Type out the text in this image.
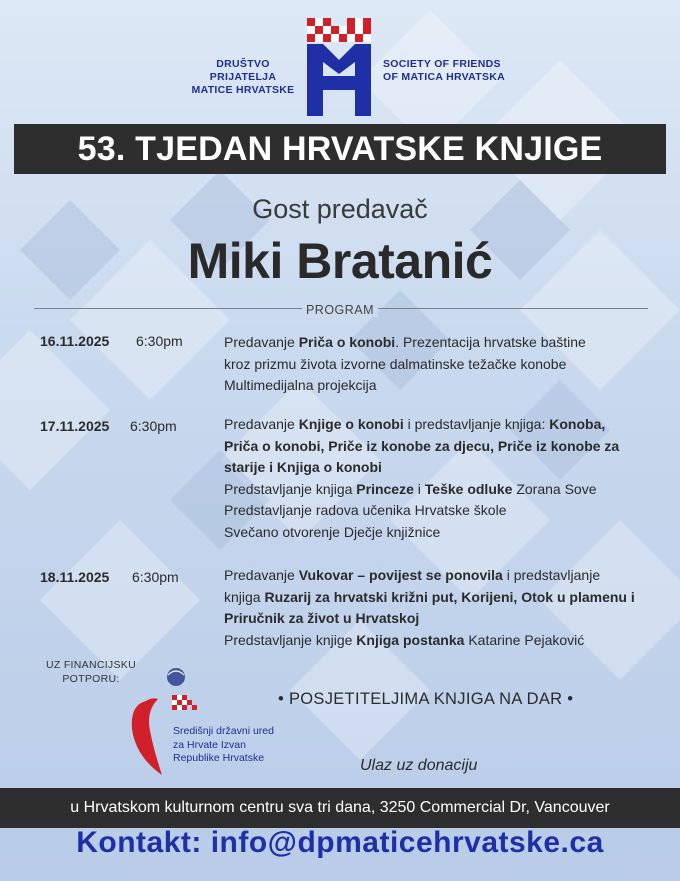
DRUŠTVO PRIJATELJA
MATICE HRVATSKE
SOCIETY OF FRIENDS
OF MATICA HRVATSKA
53. TJEDAN HRVATSKE KNJIGE
Gost predavač
Miki Bratanić
PROGRAM
16.11.2025 6:30pm	Predavanje Priča o konobi. Prezentacija hrvatske baštine
kroz prizmu života izvorne dalmatinske težačke konobe
Multimedijalna projekcija
17.11.2025 6:30pm	Predavanje Knjige o konobi i predstavljanje knjiga: Konoba,
Priča o konobi, Priče iz konobe za djecu, Priče iz konobe za
starije i Knjiga o konobi
Predstavljanje knjiga Princeze i Teške odluke Zorana Sove
Predstavljanje radova učenika Hrvatske škole
Svečano otvorenje Dječje knjižnice
18.11.2025 6:30pm	Predavanje Vukovar – povijest se ponovila i predstavljanje
knjiga Ruzarij za hrvatski križni put, Korijeni, Otok u plamenu i
Priručnik za život u Hrvatskoj
Predstavljanje knjige Knjiga postanka Katarine Pejaković
UZ FINANCIJSKU
POTPORU:
Središnji državni ured
za Hrvate Izvan
Republike Hrvatske
• POSJETITELJIMA KNJIGA NA DAR •
Ulaz uz donaciju
u Hrvatskom kulturnom centru sva tri dana, 3250 Commercial Dr, Vancouver
Kontakt: info@dpmaticehrvatske.ca
